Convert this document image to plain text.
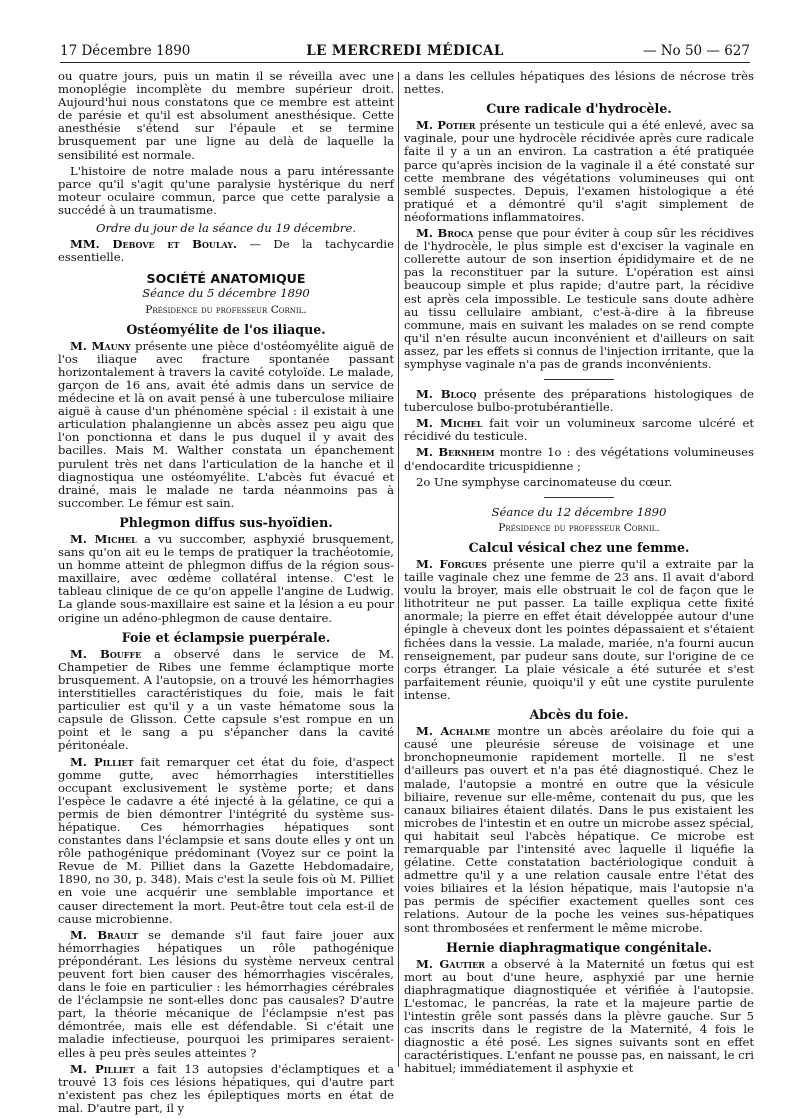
17 Décembre 1890	LE MERCREDI MÉDICAL	— No 50 — 627

ou quatre jours, puis un matin il se réveilla avec une monoplégie incomplète du membre supérieur droit. Aujourd'hui nous constatons que ce membre est atteint de parésie et qu'il est absolument anesthésique. Cette anesthésie s'étend sur l'épaule et se termine brusquement par une ligne au delà de laquelle la sensibilité est normale.

L'histoire de notre malade nous a paru intéressante parce qu'il s'agit qu'une paralysie hystérique du nerf moteur oculaire commun, parce que cette paralysie a succédé à un traumatisme.

Ordre du jour de la séance du 19 décembre.

MM. Debove et Boulay. — De la tachycardie essentielle.

SOCIÉTÉ ANATOMIQUE

Séance du 5 décembre 1890

Présidence du professeur Cornil.

Ostéomyélite de l'os iliaque.

M. Mauny présente une pièce d'ostéomyélite aiguë de l'os iliaque avec fracture spontanée passant horizontalement à travers la cavité cotyloïde. Le malade, garçon de 16 ans, avait été admis dans un service de médecine et là on avait pensé à une tuberculose miliaire aiguë à cause d'un phénomène spécial : il existait à une articulation phalangienne un abcès assez peu aigu que l'on ponctionna et dans le pus duquel il y avait des bacilles. Mais M. Walther constata un épanchement purulent très net dans l'articulation de la hanche et il diagnostiqua une ostéomyélite. L'abcès fut évacué et drainé, mais le malade ne tarda néanmoins pas à succomber. Le fémur est sain.

Phlegmon diffus sus-hyoïdien.

M. Michel a vu succomber, asphyxié brusquement, sans qu'on ait eu le temps de pratiquer la trachéotomie, un homme atteint de phlegmon diffus de la région sous-maxillaire, avec œdème collatéral intense. C'est le tableau clinique de ce qu'on appelle l'angine de Ludwig. La glande sous-maxillaire est saine et la lésion a eu pour origine un adéno-phlegmon de cause dentaire.

Foie et éclampsie puerpérale.

M. Bouffe a observé dans le service de M. Champetier de Ribes une femme éclamptique morte brusquement. A l'autopsie, on a trouvé les hémorrhagies interstitielles caractéristiques du foie, mais le fait particulier est qu'il y a un vaste hématome sous la capsule de Glisson. Cette capsule s'est rompue en un point et le sang a pu s'épancher dans la cavité péritonéale.

M. Pilliet fait remarquer cet état du foie, d'aspect gomme gutte, avec hémorrhagies interstitielles occupant exclusivement le système porte; et dans l'espèce le cadavre a été injecté à la gélatine, ce qui a permis de bien démontrer l'intégrité du système sus-hépatique. Ces hémorrhagies hépatiques sont constantes dans l'éclampsie et sans doute elles y ont un rôle pathogénique prédominant (Voyez sur ce point la Revue de M. Pilliet dans la Gazette Hebdomadaire, 1890, no 30, p. 348). Mais c'est la seule fois où M. Pilliet en voie une acquérir une semblable importance et causer directement la mort. Peut-être tout cela est-il de cause microbienne.

M. Brault se demande s'il faut faire jouer aux hémorrhagies hépatiques un rôle pathogénique prépondérant. Les lésions du système nerveux central peuvent fort bien causer des hémorrhagies viscérales, dans le foie en particulier : les hémorrhagies cérébrales de l'éclampsie ne sont-elles donc pas causales? D'autre part, la théorie mécanique de l'éclampsie n'est pas démontrée, mais elle est défendable. Si c'était une maladie infectieuse, pourquoi les primipares seraient-elles à peu près seules atteintes ?

M. Pilliet a fait 13 autopsies d'éclamptiques et a trouvé 13 fois ces lésions hépatiques, qui d'autre part n'existent pas chez les épileptiques morts en état de mal. D'autre part, il y

a dans les cellules hépatiques des lésions de nécrose très nettes.

Cure radicale d'hydrocèle.

M. Potier présente un testicule qui a été enlevé, avec sa vaginale, pour une hydrocèle récidivée après cure radicale faite il y a un an environ. La castration a été pratiquée parce qu'après incision de la vaginale il a été constaté sur cette membrane des végétations volumineuses qui ont semblé suspectes. Depuis, l'examen histologique a été pratiqué et a démontré qu'il s'agit simplement de néoformations inflammatoires.

M. Broca pense que pour éviter à coup sûr les récidives de l'hydrocèle, le plus simple est d'exciser la vaginale en collerette autour de son insertion épididymaire et de ne pas la reconstituer par la suture. L'opération est ainsi beaucoup simple et plus rapide; d'autre part, la récidive est après cela impossible. Le testicule sans doute adhère au tissu cellulaire ambiant, c'est-à-dire à la fibreuse commune, mais en suivant les malades on se rend compte qu'il n'en résulte aucun inconvénient et d'ailleurs on sait assez, par les effets si connus de l'injection irritante, que la symphyse vaginale n'a pas de grands inconvénients.

M. Blocq présente des préparations histologiques de tuberculose bulbo-protubérantielle.

M. Michel fait voir un volumineux sarcome ulcéré et récidivé du testicule.

M. Bernheim montre 1o : des végétations volumineuses d'endocardite tricuspidienne ;

2o Une symphyse carcinomateuse du cœur.

Séance du 12 décembre 1890

Présidence du professeur Cornil.

Calcul vésical chez une femme.

M. Forgues présente une pierre qu'il a extraite par la taille vaginale chez une femme de 23 ans. Il avait d'abord voulu la broyer, mais elle obstruait le col de façon que le lithotriteur ne put passer. La taille expliqua cette fixité anormale; la pierre en effet était développée autour d'une épingle à cheveux dont les pointes dépassaient et s'étaient fichées dans la vessie. La malade, mariée, n'a fourni aucun renseignement, par pudeur sans doute, sur l'origine de ce corps étranger. La plaie vésicale a été suturée et s'est parfaitement réunie, quoiqu'il y eût une cystite purulente intense.

Abcès du foie.

M. Achalme montre un abcès aréolaire du foie qui a causé une pleurésie séreuse de voisinage et une bronchopneumonie rapidement mortelle. Il ne s'est d'ailleurs pas ouvert et n'a pas été diagnostiqué. Chez le malade, l'autopsie a montré en outre que la vésicule biliaire, revenue sur elle-même, contenait du pus, que les canaux biliaires étaient dilatés. Dans le pus existaient les microbes de l'intestin et en outre un microbe assez spécial, qui habitait seul l'abcès hépatique. Ce microbe est remarquable par l'intensité avec laquelle il liquéfie la gélatine. Cette constatation bactériologique conduit à admettre qu'il y a une relation causale entre l'état des voies biliaires et la lésion hépatique, mais l'autopsie n'a pas permis de spécifier exactement quelles sont ces relations. Autour de la poche les veines sus-hépatiques sont thrombosées et renferment le même microbe.

Hernie diaphragmatique congénitale.

M. Gautier a observé à la Maternité un fœtus qui est mort au bout d'une heure, asphyxié par une hernie diaphragmatique diagnostiquée et vérifiée à l'autopsie. L'estomac, le pancréas, la rate et la majeure partie de l'intestin grêle sont passés dans la plèvre gauche. Sur 5 cas inscrits dans le registre de la Maternité, 4 fois le diagnostic a été posé. Les signes suivants sont en effet caractéristiques. L'enfant ne pousse pas, en naissant, le cri habituel; immédiatement il asphyxie et
